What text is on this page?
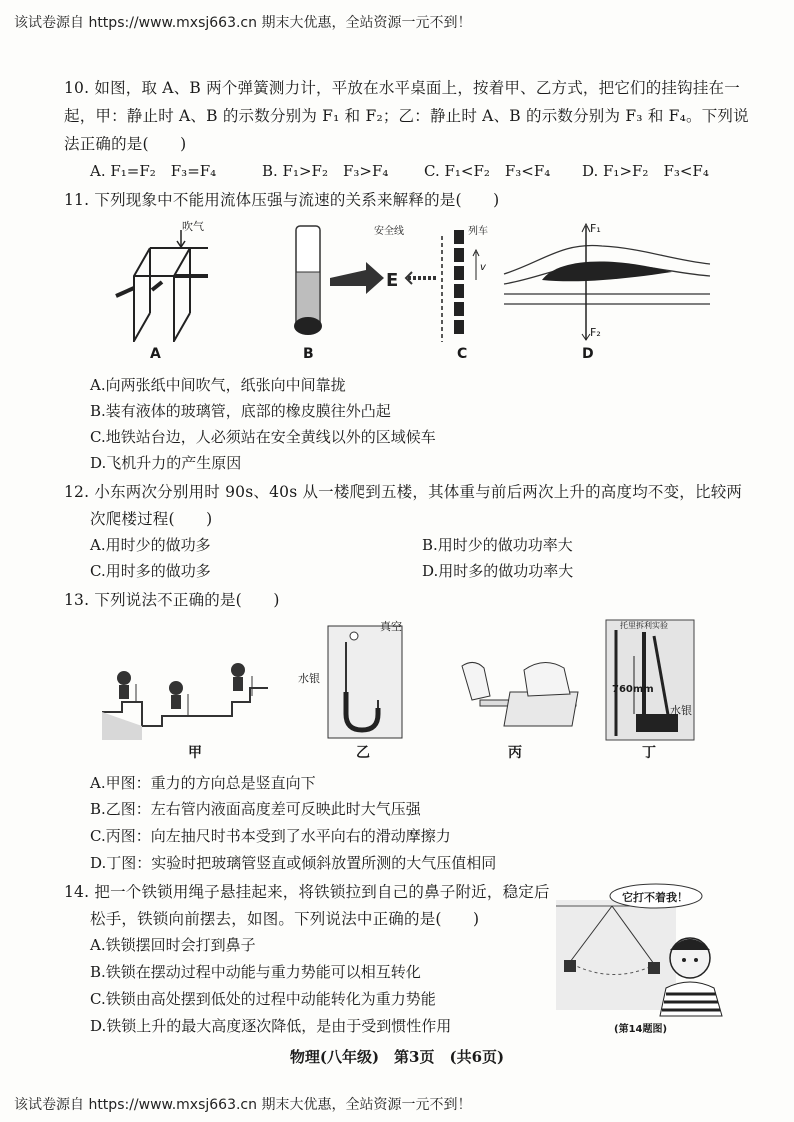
该试卷源自 https://www.mxsj663.cn 期末大优惠，全站资源一元不到！
10. 如图，取 A、B 两个弹簧测力计，平放在水平桌面上，按着甲、乙方式，把它们的挂钩挂在一
起，甲：静止时 A、B 的示数分别为 F₁ 和 F₂；乙：静止时 A、B 的示数分别为 F₃ 和 F₄。下列说
法正确的是(　　)
A. F₁=F₂　F₃=F₄	B. F₁>F₂　F₃>F₄ C. F₁<F₂　F₃<F₄ D. F₁>F₂　F₃<F₄
11. 下列现象中不能用流体压强与流速的关系来解释的是(　　)
吹气
E
安全线	列车
v
F₁
F₂
A	B	C	D
A.向两张纸中间吹气，纸张向中间靠拢
B.装有液体的玻璃管，底部的橡皮膜往外凸起
C.地铁站台边，人必须站在安全黄线以外的区域候车
D.飞机升力的产生原因
12. 小东两次分别用时 90s、40s 从一楼爬到五楼，其体重与前后两次上升的高度均不变，比较两
次爬楼过程(　　)
A.用时少的做功多	B.用时少的做功功率大
C.用时多的做功多	D.用时多的做功功率大
13. 下列说法不正确的是(　　)
甲
真空
水银
乙	丙
托里拆利实验
760mm
水银
丁
A.甲图：重力的方向总是竖直向下
B.乙图：左右管内液面高度差可反映此时大气压强
C.丙图：向左抽尺时书本受到了水平向右的滑动摩擦力
D.丁图：实验时把玻璃管竖直或倾斜放置所测的大气压值相同
14. 把一个铁锁用绳子悬挂起来，将铁锁拉到自己的鼻子附近，稳定后
松手，铁锁向前摆去，如图。下列说法中正确的是(　　)
A.铁锁摆回时会打到鼻子
B.铁锁在摆动过程中动能与重力势能可以相互转化
C.铁锁由高处摆到低处的过程中动能转化为重力势能
D.铁锁上升的最大高度逐次降低，是由于受到惯性作用
它打不着我！
(第14题图)
物理(八年级)　第3页　(共6页)
该试卷源自 https://www.mxsj663.cn 期末大优惠，全站资源一元不到！
